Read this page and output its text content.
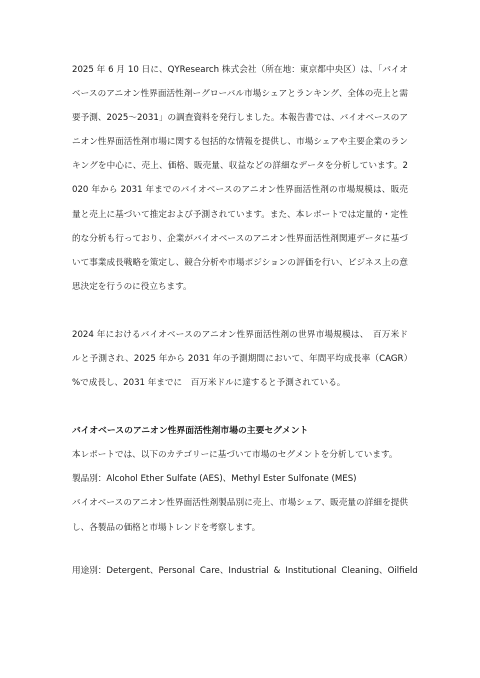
2025 年 6 月 10 日に、QYResearch 株式会社（所在地：東京都中央区）は、「バイオベースのアニオン性界面活性剤ーグローバル市場シェアとランキング、全体の売上と需要予測、2025～2031」の調査資料を発行しました。本報告書では、バイオベースのアニオン性界面活性剤市場に関する包括的な情報を提供し、市場シェアや主要企業のランキングを中心に、売上、価格、販売量、収益などの詳細なデータを分析しています。2020 年から 2031 年までのバイオベースのアニオン性界面活性剤の市場規模は、販売量と売上に基づいて推定および予測されています。また、本レポートでは定量的・定性的な分析も行っており、企業がバイオベースのアニオン性界面活性剤関連データに基づいて事業成長戦略を策定し、競合分析や市場ポジションの評価を行い、ビジネス上の意思決定を行うのに役立ちます。

2024 年におけるバイオベースのアニオン性界面活性剤の世界市場規模は、　百万米ドルと予測され、2025 年から 2031 年の予測期間において、年間平均成長率（CAGR）　%で成長し、2031 年までに　百万米ドルに達すると予測されている。

バイオベースのアニオン性界面活性剤市場の主要セグメント

本レポートでは、以下のカテゴリーに基づいて市場のセグメントを分析しています。

製品別：Alcohol Ether Sulfate (AES)、Methyl Ester Sulfonate (MES)

バイオベースのアニオン性界面活性剤製品別に売上、市場シェア、販売量の詳細を提供し、各製品の価格と市場トレンドを考察します。

用途別：Detergent、Personal Care、Industrial & Institutional Cleaning、Oilfield
